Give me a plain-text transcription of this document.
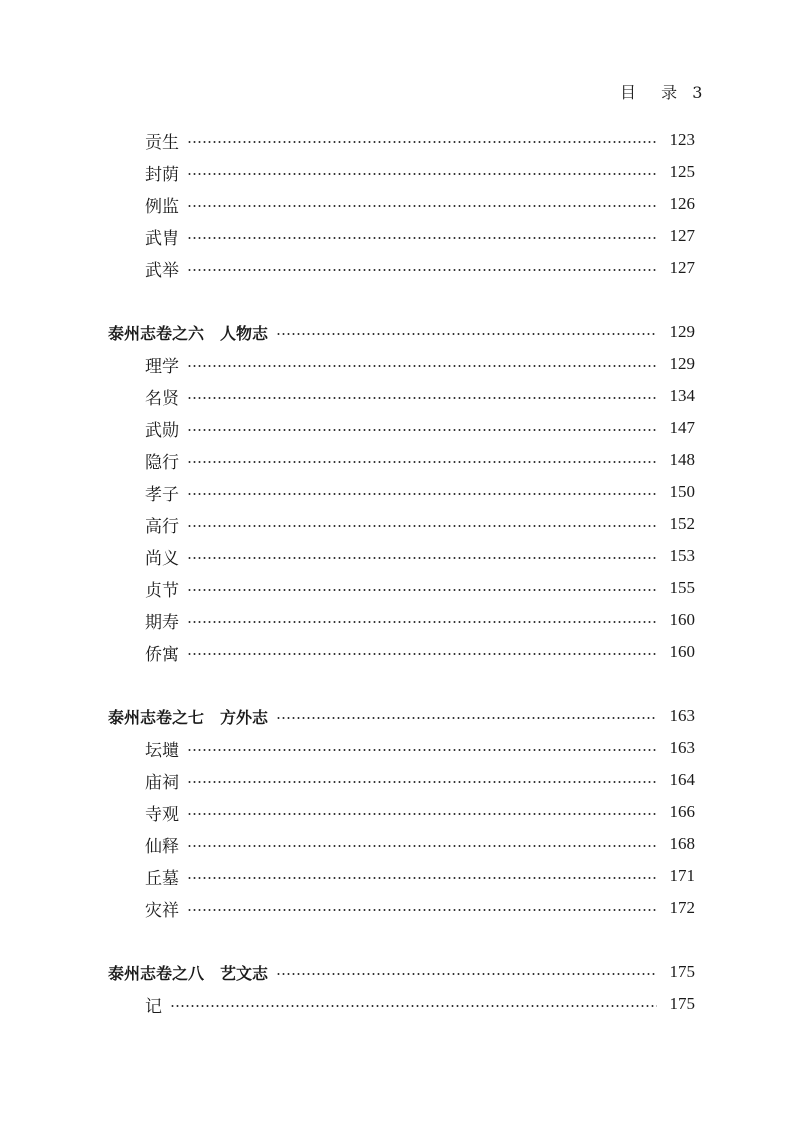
目 录 3
贡生	123
封荫	125
例监	126
武胄	127
武举	127
泰州志卷之六　人物志	129
理学	129
名贤	134
武勋	147
隐行	148
孝子	150
高行	152
尚义	153
贞节	155
期寿	160
侨寓	160
泰州志卷之七　方外志	163
坛壝	163
庙祠	164
寺观	166
仙释	168
丘墓	171
灾祥	172
泰州志卷之八　艺文志	175
记	175
